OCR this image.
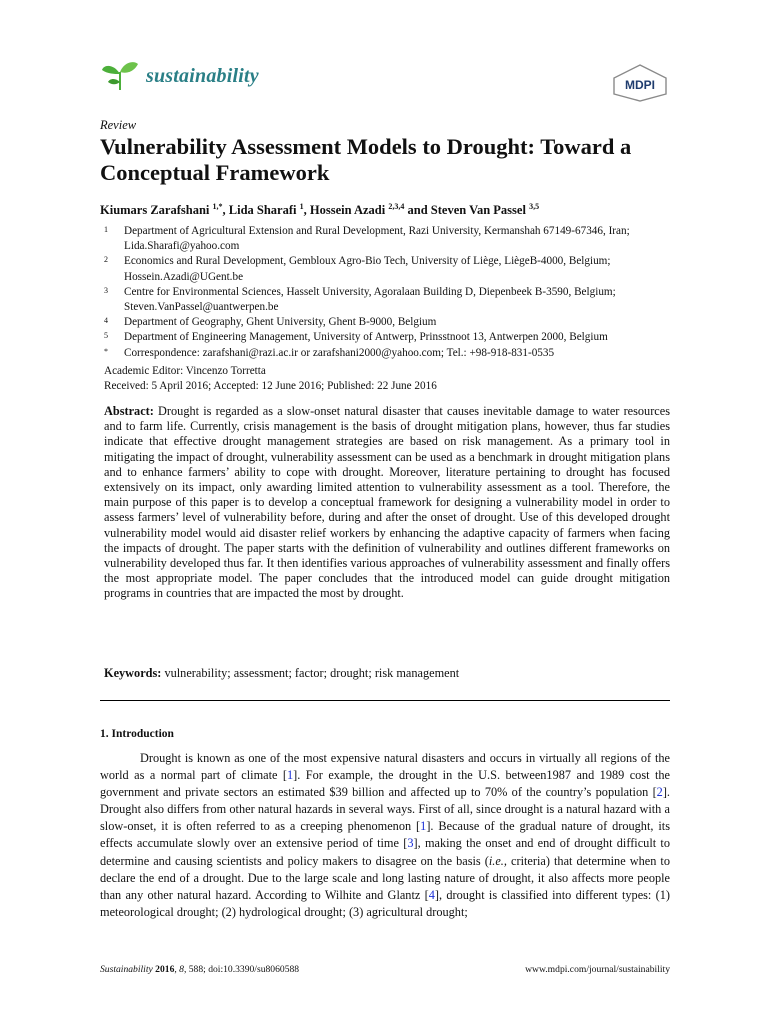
sustainability	MDPI
Review
Vulnerability Assessment Models to Drought: Toward a Conceptual Framework
Kiumars Zarafshani $^{1,*}$, Lida Sharafi $^1$, Hossein Azadi $^{2,3,4}$ and Steven Van Passel $^{3,5}$
1	Department of Agricultural Extension and Rural Development, Razi University, Kermanshah 67149-67346, Iran; Lida.Sharafi@yahoo.com
2	Economics and Rural Development, Gembloux Agro-Bio Tech, University of Liège, LiègeB-4000, Belgium; Hossein.Azadi@UGent.be
3	Centre for Environmental Sciences, Hasselt University, Agoralaan Building D, Diepenbeek B-3590, Belgium; Steven.VanPassel@uantwerpen.be
4	Department of Geography, Ghent University, Ghent B-9000, Belgium
5	Department of Engineering Management, University of Antwerp, Prinsstnoot 13, Antwerpen 2000, Belgium
*	Correspondence: zarafshani@razi.ac.ir or zarafshani2000@yahoo.com; Tel.: +98-918-831-0535
Academic Editor: Vincenzo Torretta
Received: 5 April 2016; Accepted: 12 June 2016; Published: 22 June 2016

Abstract: Drought is regarded as a slow-onset natural disaster that causes inevitable damage to water resources and to farm life. Currently, crisis management is the basis of drought mitigation plans, however, thus far studies indicate that effective drought management strategies are based on risk management. As a primary tool in mitigating the impact of drought, vulnerability assessment can be used as a benchmark in drought mitigation plans and to enhance farmers’ ability to cope with drought. Moreover, literature pertaining to drought has focused extensively on its impact, only awarding limited attention to vulnerability assessment as a tool. Therefore, the main purpose of this paper is to develop a conceptual framework for designing a vulnerability model in order to assess farmers’ level of vulnerability before, during and after the onset of drought. Use of this developed drought vulnerability model would aid disaster relief workers by enhancing the adaptive capacity of farmers when facing the impacts of drought. The paper starts with the definition of vulnerability and outlines different frameworks on vulnerability developed thus far. It then identifies various approaches of vulnerability assessment and finally offers the most appropriate model. The paper concludes that the introduced model can guide drought mitigation programs in countries that are impacted the most by drought.

Keywords: vulnerability; assessment; factor; drought; risk management
1. Introduction

Drought is known as one of the most expensive natural disasters and occurs in virtually all regions of the world as a normal part of climate [1]. For example, the drought in the U.S. between1987 and 1989 cost the government and private sectors an estimated $39 billion and affected up to 70% of the country’s population [2]. Drought also differs from other natural hazards in several ways. First of all, since drought is a natural hazard with a slow-onset, it is often referred to as a creeping phenomenon [1]. Because of the gradual nature of drought, its effects accumulate slowly over an extensive period of time [3], making the onset and end of drought difficult to determine and causing scientists and policy makers to disagree on the basis (i.e., criteria) that determine when to declare the end of a drought. Due to the large scale and long lasting nature of drought, it also affects more people than any other natural hazard. According to Wilhite and Glantz [4], drought is classified into different types: (1) meteorological drought; (2) hydrological drought; (3) agricultural drought;

Sustainability 2016, 8, 588; doi:10.3390/su8060588	www.mdpi.com/journal/sustainability
